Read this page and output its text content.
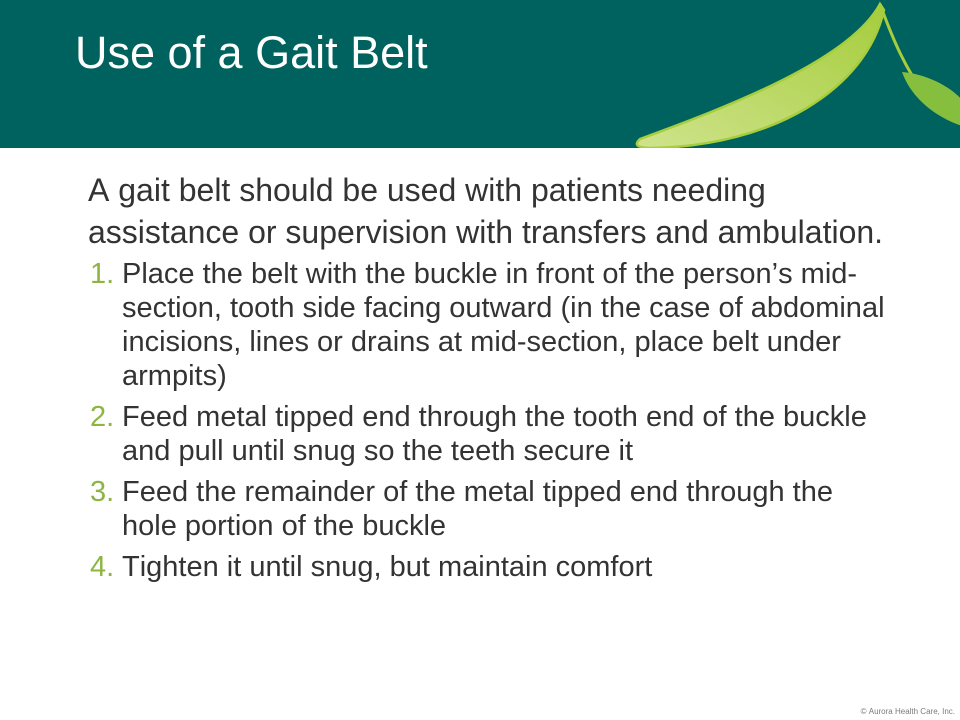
Use of a Gait Belt

A gait belt should be used with patients needing assistance or supervision with transfers and ambulation.

1. Place the belt with the buckle in front of the person’s mid-section, tooth side facing outward (in the case of abdominal incisions, lines or drains at mid-section, place belt under armpits)
2. Feed metal tipped end through the tooth end of the buckle and pull until snug so the teeth secure it
3. Feed the remainder of the metal tipped end through the hole portion of the buckle
4. Tighten it until snug, but maintain comfort
© Aurora Health Care, Inc.
